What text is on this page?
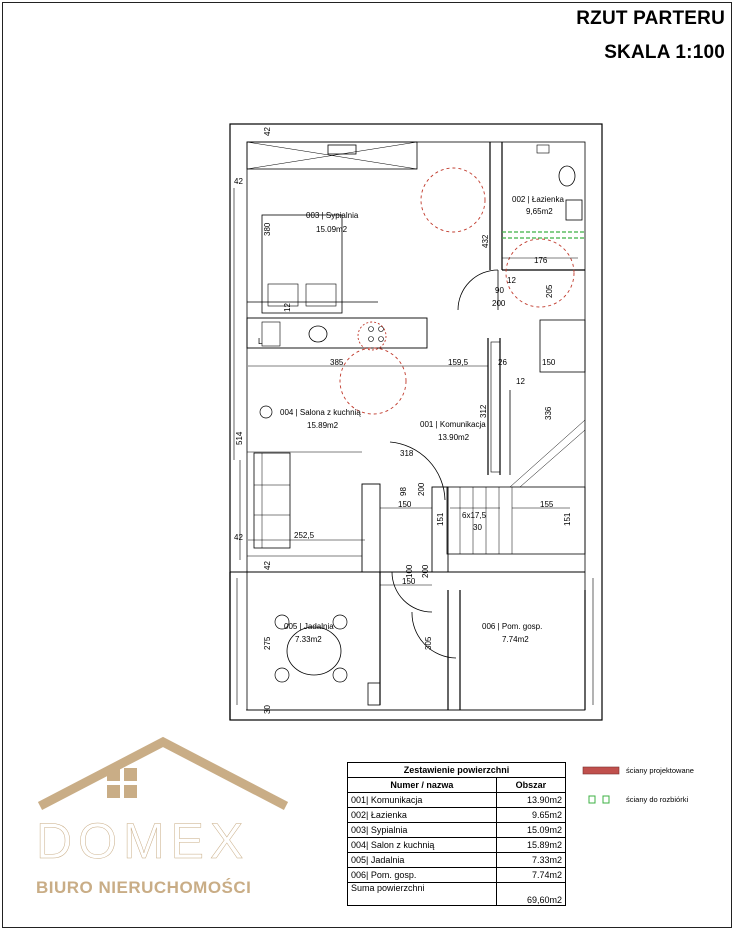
RZUT PARTERU
SKALA 1:100
003 | Sypialnia
15.09m2
002 | Łazienka
9,65m2
004 | Salona z kuchnią
15.89m2	001 | Komunikacja
13.90m2
005 | Jadalnia
7.33m2
006 | Pom. gosp.
7.74m2
42
42
380
432
176
12
90
200
205
12
L
385	159,5	26	150
12
312	336
514
318
98 200
150
151 6x17,5
30
155
151
42	252,5
42	100 200
150
275	305
30
DOMEX
BIURO NIERUCHOMOŚCI
Zestawienie powierzchni	
Numer / nazwa	Obszar
001| Komunikacja	13.90m2
002| Łazienka	9.65m2
003| Sypialnia	15.09m2
004| Salon z kuchnią	15.89m2
005| Jadalnia	7.33m2
006| Pom. gosp.	7.74m2
Suma powierzchni	69,60m2
ściany projektowane
ściany do rozbiórki
